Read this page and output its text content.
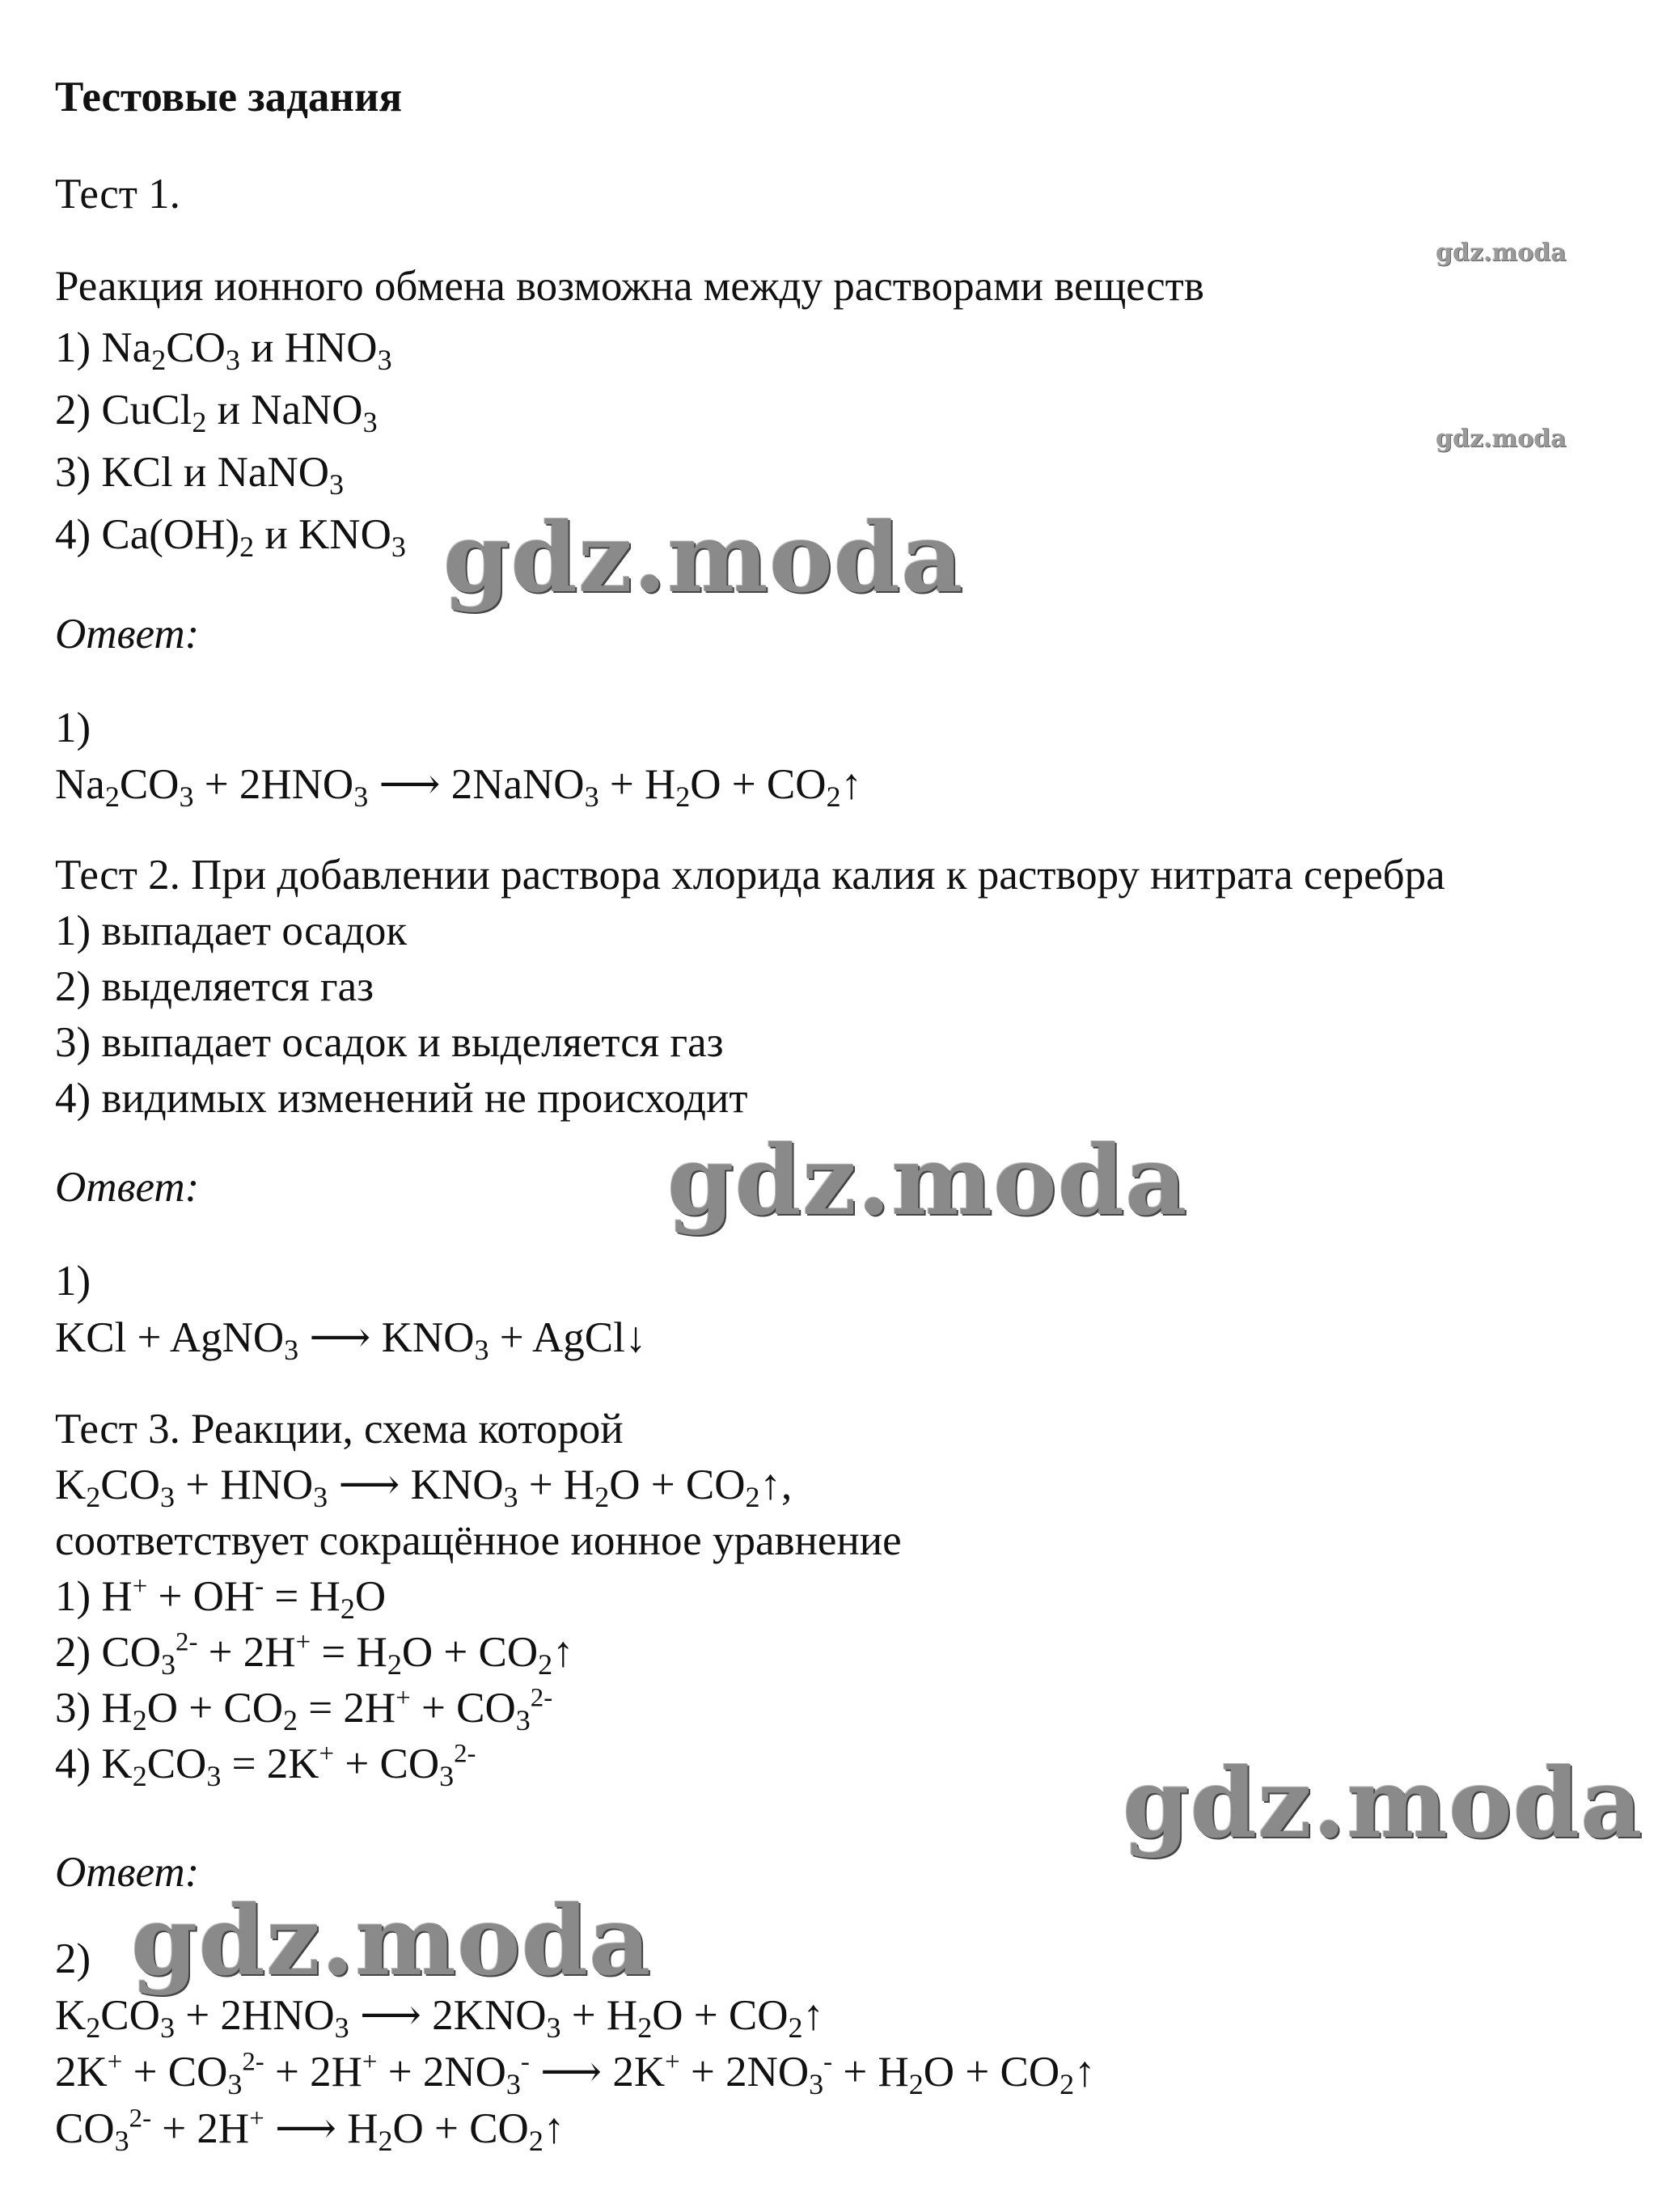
Тестовые задания
Тест 1.
Реакция ионного обмена возможна между растворами веществ
1) $Na_2CO_3$ и $HNO_3$
2) CuCl$_2$ и NaNO$_3$
3) KCl и NaNO$_3$
4) $Ca(OH)_2$ и $KNO_3$
Ответ:
1)
$Na_2CO_3 + 2HNO_3$ ⟶ 2NaNO$_3$ + $H_2O$ + $CO_2↑$
Тест 2. При добавлении раствора хлорида калия к раствору нитрата серебра
1) выпадает осадок
2) выделяется газ
3) выпадает осадок и выделяется газ
4) видимых изменений не происходит
Ответ:
1)
KCl + AgNO$_3$ ⟶ $KNO_3$ + AgCl↓
Тест 3. Реакции, схема которой
$K_2CO_3 + HNO_3$ ⟶ $KNO_3 + H_2O$ + $CO_2↑$,
соответствует сокращённое ионное уравнение
1) $H^+ + OH^- = H_2O$
2) $CO_3^{2-} + 2H^+ = H_2O$ + $CO_2↑$
3) $H_2O + CO_2 = 2H^+ + CO_3^{2-}$
4) $K_2CO_3 = 2K^+ + CO_3^{2-}$
Ответ:
2)
$K_2CO_3 + 2HNO_3$ ⟶ $2KNO_3 + H_2O$ + $CO_2↑$
$2K^+ + CO_3^{2-} + 2H^+ + 2NO_3^-$ ⟶ $2K^+ + 2NO_3^- + H_2O$ + $CO_2↑$
$CO_3^{2-} + 2H^+$ ⟶ $H_2O$ + $CO_2↑$
gdz.moda
gdz.moda
gdz.moda
gdz.moda
gdz.moda
gdz.moda
